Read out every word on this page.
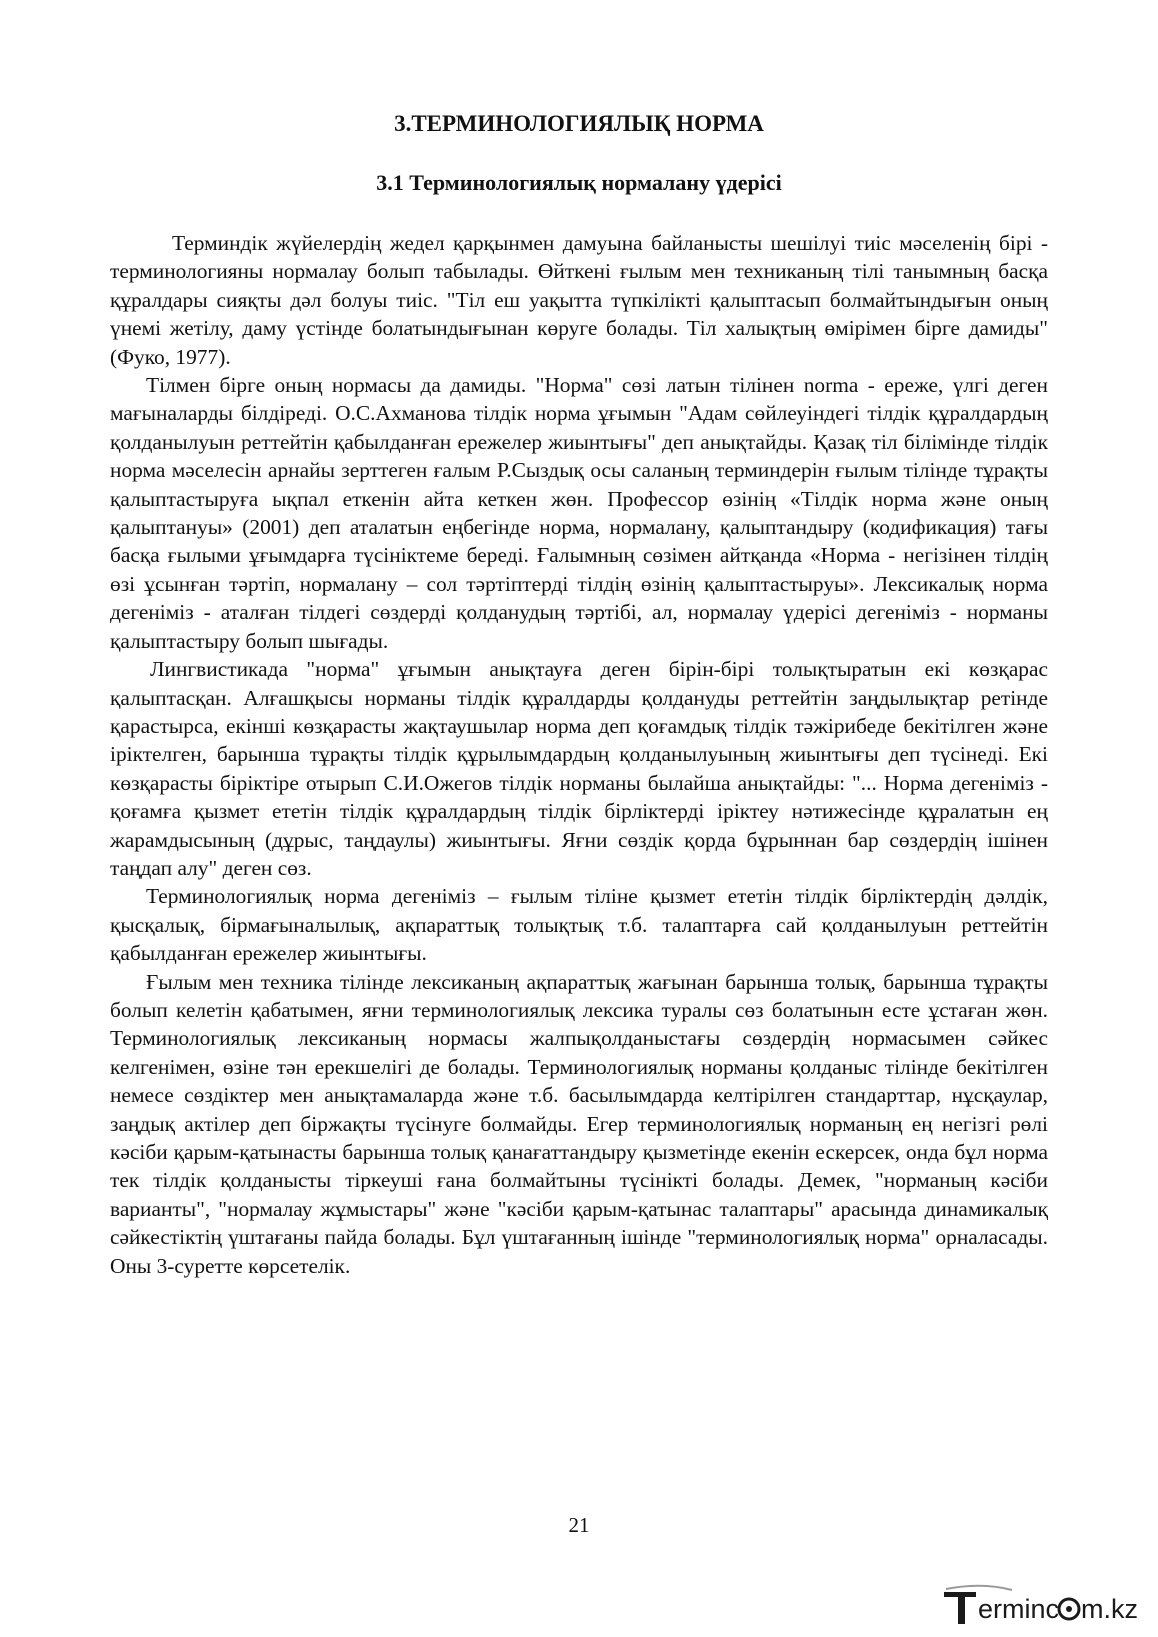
3.ТЕРМИНОЛОГИЯЛЫҚ НОРМА
3.1 Терминологиялық нормалану үдерісі

Терминдік жүйелердің жедел қарқынмен дамуына байланысты шешілуі тиіс мәселенің бірі - терминологияны нормалау болып табылады. Өйткені ғылым мен техниканың тілі танымның басқа құралдары сияқты дәл болуы тиіс. "Тіл еш уақытта түпкілікті қалыптасып болмайтындығын оның үнемі жетілу, даму үстінде болатындығынан көруге болады. Тіл халықтың өмірімен бірге дамиды"(Фуко, 1977).

Тілмен бірге оның нормасы да дамиды. "Норма" сөзі латын тілінен norma - ереже, үлгі деген мағыналарды білдіреді. О.С.Ахманова тілдік норма ұғымын "Адам сөйлеуіндегі тілдік құралдардың қолданылуын реттейтін қабылданған ережелер жиынтығы" деп анықтайды. Қазақ тіл білімінде тілдік норма мәселесін арнайы зерттеген ғалым Р.Сыздық осы саланың терминдерін ғылым тілінде тұрақты қалыптастыруға ықпал еткенін айта кеткен жөн. Профессор өзінің «Тілдік норма және оның қалыптануы» (2001) деп аталатын еңбегінде норма, нормалану, қалыптандыру (кодификация) тағы басқа ғылыми ұғымдарға түсініктеме береді. Ғалымның сөзімен айтқанда «Норма - негізінен тілдің өзі ұсынған тәртіп, нормалану – сол тәртіптерді тілдің өзінің қалыптастыруы». Лексикалық норма дегеніміз - аталған тілдегі сөздерді қолданудың тәртібі, ал, нормалау үдерісі дегеніміз - норманы қалыптастыру болып шығады.

Лингвистикада "норма" ұғымын анықтауға деген бірін-бірі толықтыратын екі көзқарас қалыптасқан. Алғашқысы норманы тілдік құралдарды қолдануды реттейтін заңдылықтар ретінде қарастырса, екінші көзқарасты жақтаушылар норма деп қоғамдық тілдік тәжірибеде бекітілген және іріктелген, барынша тұрақты тілдік құрылымдардың қолданылуының жиынтығы деп түсінеді. Екі көзқарасты біріктіре отырып С.И.Ожегов тілдік норманы былайша анықтайды: "... Норма дегеніміз - қоғамға қызмет ететін тілдік құралдардың тілдік бірліктерді іріктеу нәтижесінде құралатын ең жарамдысының (дұрыс, таңдаулы) жиынтығы. Яғни сөздік қорда бұрыннан бар сөздердің ішінен таңдап алу" деген сөз.

Терминологиялық норма дегеніміз – ғылым тіліне қызмет ететін тілдік бірліктердің дәлдік, қысқалық, бірмағыналылық, ақпараттық толықтық т.б. талаптарға сай қолданылуын реттейтін қабылданған ережелер жиынтығы.

Ғылым мен техника тілінде лексиканың ақпараттық жағынан барынша толық, барынша тұрақты болып келетін қабатымен, яғни терминологиялық лексика туралы сөз болатынын есте ұстаған жөн. Терминологиялық лексиканың нормасы жалпықолданыстағы сөздердің нормасымен сәйкес келгенімен, өзіне тән ерекшелігі де болады. Терминологиялық норманы қолданыс тілінде бекітілген немесе сөздіктер мен анықтамаларда және т.б. басылымдарда келтірілген стандарттар, нұсқаулар, заңдық актілер деп біржақты түсінуге болмайды. Егер терминологиялық норманың ең негізгі рөлі кәсіби қарым-қатынасты барынша толық қанағаттандыру қызметінде екенін ескерсек, онда бұл норма тек тілдік қолданысты тіркеуші ғана болмайтыны түсінікті болады. Демек, "норманың кәсіби варианты", "нормалау жұмыстары" және "кәсіби қарым-қатынас талаптары" арасында динамикалық сәйкестіктің үштағаны пайда болады. Бұл үштағанның ішінде "терминологиялық норма" орналасады. Оны 3-суретте көрсетелік.

21
erminc m.kz
